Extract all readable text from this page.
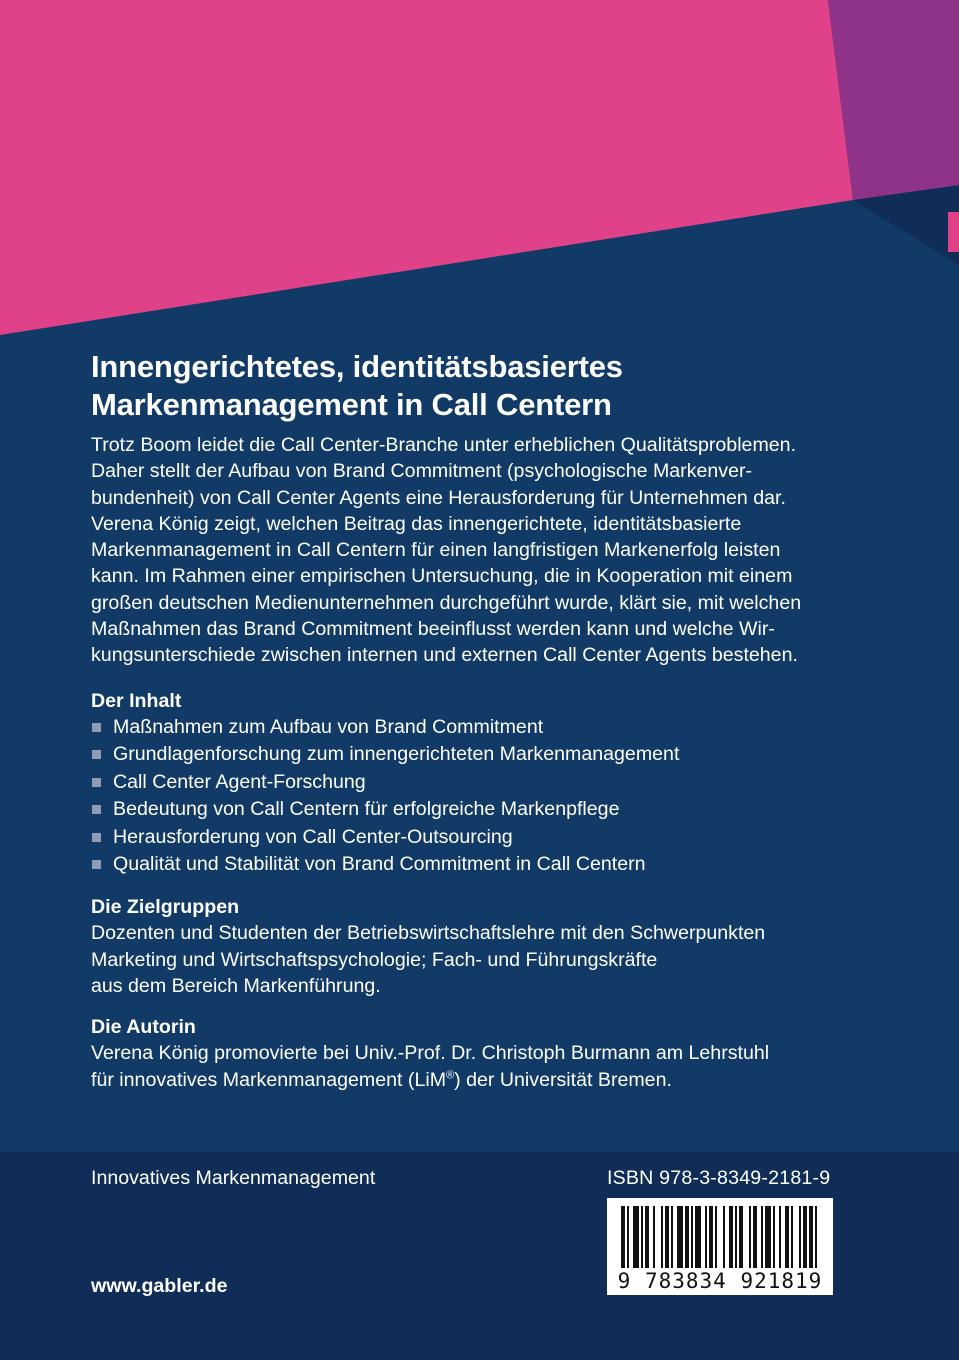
Innengerichtetes, identitätsbasiertes
Markenmanagement in Call Centern
Trotz Boom leidet die Call Center-Branche unter erheblichen Qualitätsproblemen.
Daher stellt der Aufbau von Brand Commitment (psychologische Markenver-
bundenheit) von Call Center Agents eine Herausforderung für Unternehmen dar.
Verena König zeigt, welchen Beitrag das innengerichtete, identitätsbasierte
Markenmanagement in Call Centern für einen langfristigen Markenerfolg leisten
kann. Im Rahmen einer empirischen Untersuchung, die in Kooperation mit einem
großen deutschen Medienunternehmen durchgeführt wurde, klärt sie, mit welchen
Maßnahmen das Brand Commitment beeinflusst werden kann und welche Wir-
kungsunterschiede zwischen internen und externen Call Center Agents bestehen.
Der Inhalt
Maßnahmen zum Aufbau von Brand Commitment
Grundlagenforschung zum innengerichteten Markenmanagement
Call Center Agent-Forschung
Bedeutung von Call Centern für erfolgreiche Markenpflege
Herausforderung von Call Center-Outsourcing
Qualität und Stabilität von Brand Commitment in Call Centern
Die Zielgruppen
Dozenten und Studenten der Betriebswirtschaftslehre mit den Schwerpunkten
Marketing und Wirtschaftspsychologie; Fach- und Führungskräfte
aus dem Bereich Markenführung.
Die Autorin
Verena König promovierte bei Univ.-Prof. Dr. Christoph Burmann am Lehrstuhl
für innovatives Markenmanagement (LiM®) der Universität Bremen.
Innovatives Markenmanagement	ISBN 978-3-8349-2181-9
9 783834 921819
www.gabler.de
